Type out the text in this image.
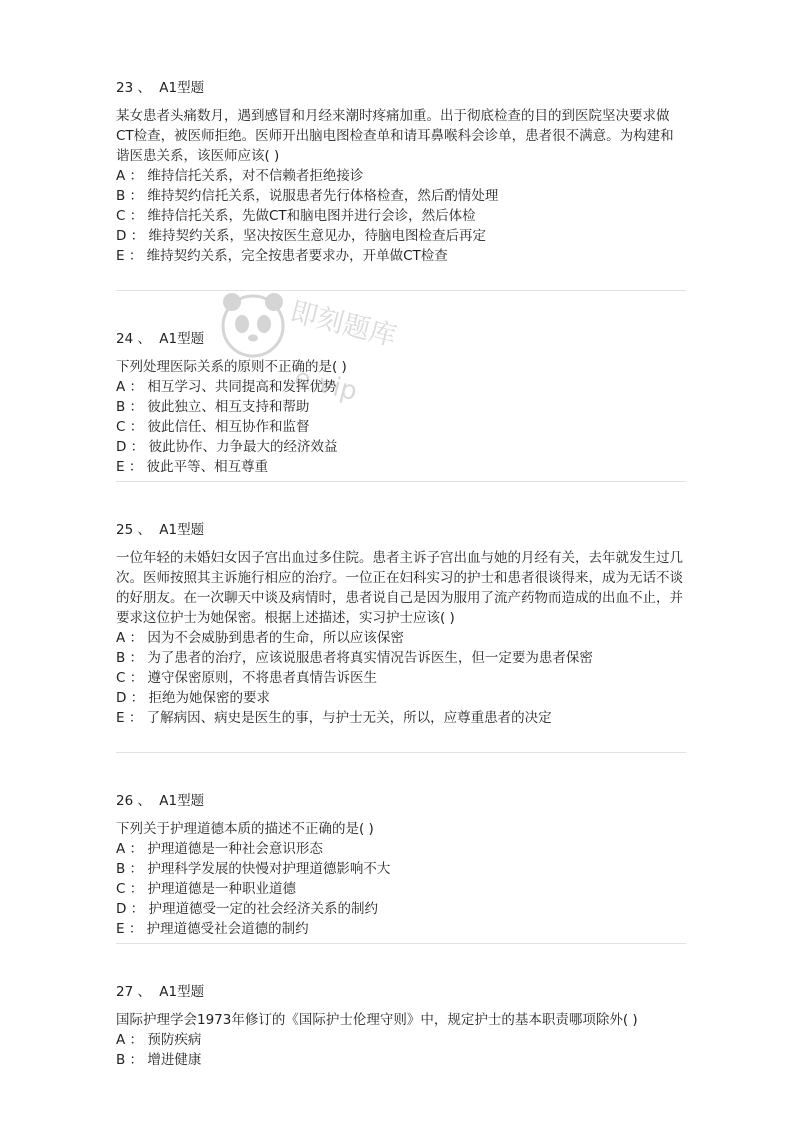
即刻题库
e.vip
23 、 A1型题
某女患者头痛数月，遇到感冒和月经来潮时疼痛加重。出于彻底检查的目的到医院坚决要求做CT检查，被医师拒绝。医师开出脑电图检查单和请耳鼻喉科会诊单，患者很不满意。为构建和谐医患关系，该医师应该( )
A ： 维持信托关系，对不信赖者拒绝接诊
B ： 维持契约信托关系，说服患者先行体格检查，然后酌情处理
C ： 维持信托关系，先做CT和脑电图并进行会诊，然后体检
D ： 维持契约关系，坚决按医生意见办，待脑电图检查后再定
E ： 维持契约关系，完全按患者要求办，开单做CT检查
24 、 A1型题
下列处理医际关系的原则不正确的是( )
A ： 相互学习、共同提高和发挥优势
B ： 彼此独立、相互支持和帮助
C ： 彼此信任、相互协作和监督
D ： 彼此协作、力争最大的经济效益
E ： 彼此平等、相互尊重
25 、 A1型题
一位年轻的未婚妇女因子宫出血过多住院。患者主诉子宫出血与她的月经有关，去年就发生过几次。医师按照其主诉施行相应的治疗。一位正在妇科实习的护士和患者很谈得来，成为无话不谈的好朋友。在一次聊天中谈及病情时，患者说自己是因为服用了流产药物而造成的出血不止，并要求这位护士为她保密。根据上述描述，实习护士应该( )
A ： 因为不会威胁到患者的生命，所以应该保密
B ： 为了患者的治疗，应该说服患者将真实情况告诉医生，但一定要为患者保密
C ： 遵守保密原则，不将患者真情告诉医生
D ： 拒绝为她保密的要求
E ： 了解病因、病史是医生的事，与护士无关，所以，应尊重患者的决定
26 、 A1型题
下列关于护理道德本质的描述不正确的是( )
A ： 护理道德是一种社会意识形态
B ： 护理科学发展的快慢对护理道德影响不大
C ： 护理道德是一种职业道德
D ： 护理道德受一定的社会经济关系的制约
E ： 护理道德受社会道德的制约
27 、 A1型题
国际护理学会1973年修订的《国际护士伦理守则》中，规定护士的基本职责哪项除外( )
A ： 预防疾病
B ： 增进健康
